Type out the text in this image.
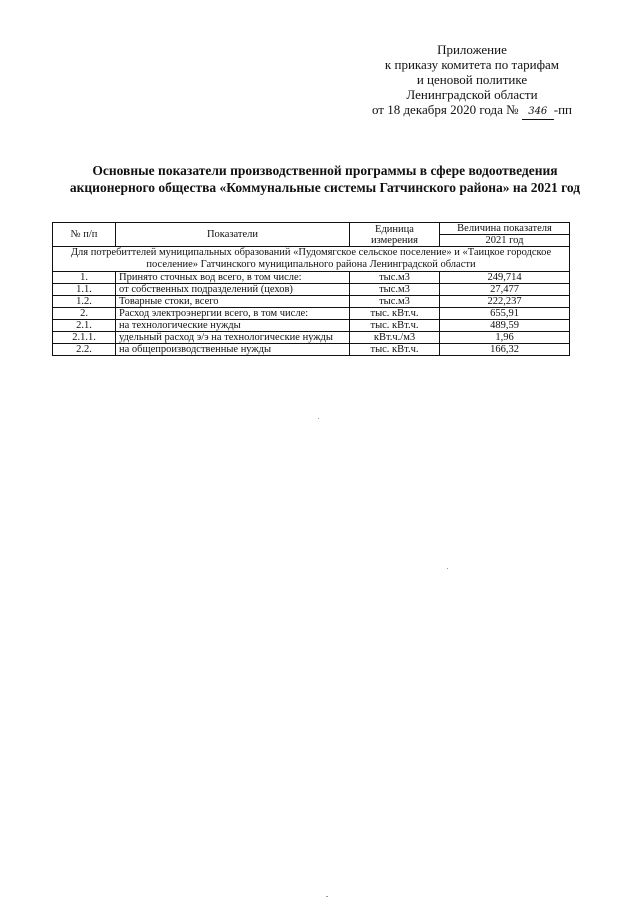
Приложение
к приказу комитета по тарифам
и ценовой политике
Ленинградской области
от 18 декабря 2020 года № 346 -пп
Основные показатели производственной программы в сфере водоотведения
акционерного общества «Коммунальные системы Гатчинского района» на 2021 год
№ п/п	Показатели	Единица измерения	Величина показателя
			2021 год
Для потребиттелей муниципальных образований «Пудомягское сельское поселение» и «Таицкое городское поселение» Гатчинского муниципального района Ленинградской области			
1.	Принято сточных вод всего, в том числе:	тыс.м3	249,714
1.1.	от собственных подразделений (цехов)	тыс.м3	27,477
1.2.	Товарные стоки, всего	тыс.м3	222,237
2.	Расход электроэнергии всего, в том числе:	тыс. кВт.ч.	655,91
2.1.	на технологические нужды	тыс. кВт.ч.	489,59
2.1.1.	удельный расход э/э на технологические нужды	кВт.ч./м3	1,96
2.2.	на общепроизводственные нужды	тыс. кВт.ч.	166,32
